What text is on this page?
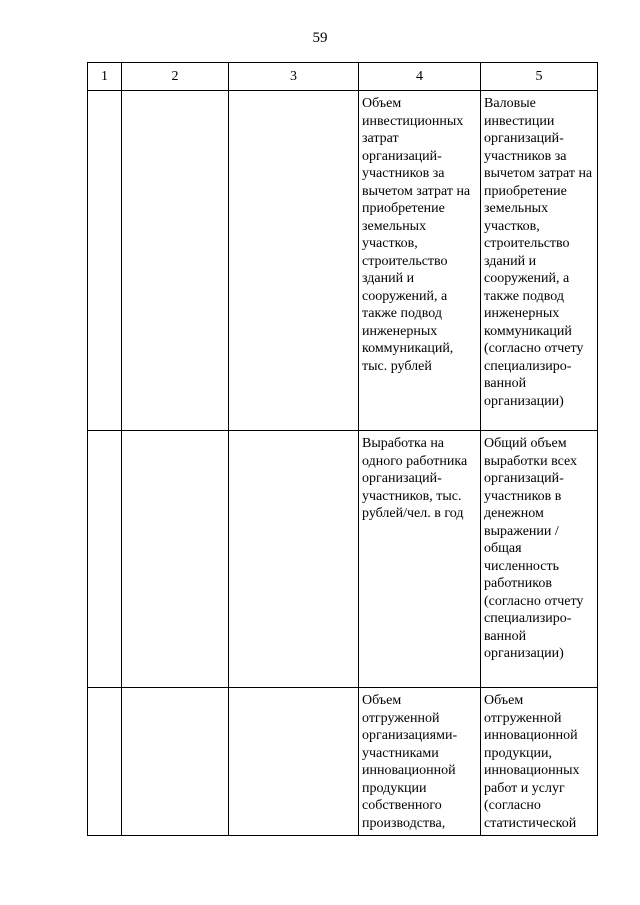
59
1	2	3	4	5
			Объем инвестиционных затрат организаций-участников за вычетом затрат на приобретение земельных участков, строительство зданий и сооружений, а также подвод инженерных коммуникаций, тыс. рублей	Валовые инвестиции организаций-участников за вычетом затрат на приобретение земельных участков, строительство зданий и сооружений, а также подвод инженерных коммуникаций (согласно отчету специализиро-ванной организации)
			Выработка на одного работника организаций-участников, тыс. рублей/чел. в год	Общий объем выработки всех организаций-участников в денежном выражении / общая численность работников (согласно отчету специализиро-ванной организации)
			Объем отгруженной организациями-участниками инновационной продукции собственного производства,	Объем отгруженной инновационной продукции, инновационных работ и услуг (согласно статистической
